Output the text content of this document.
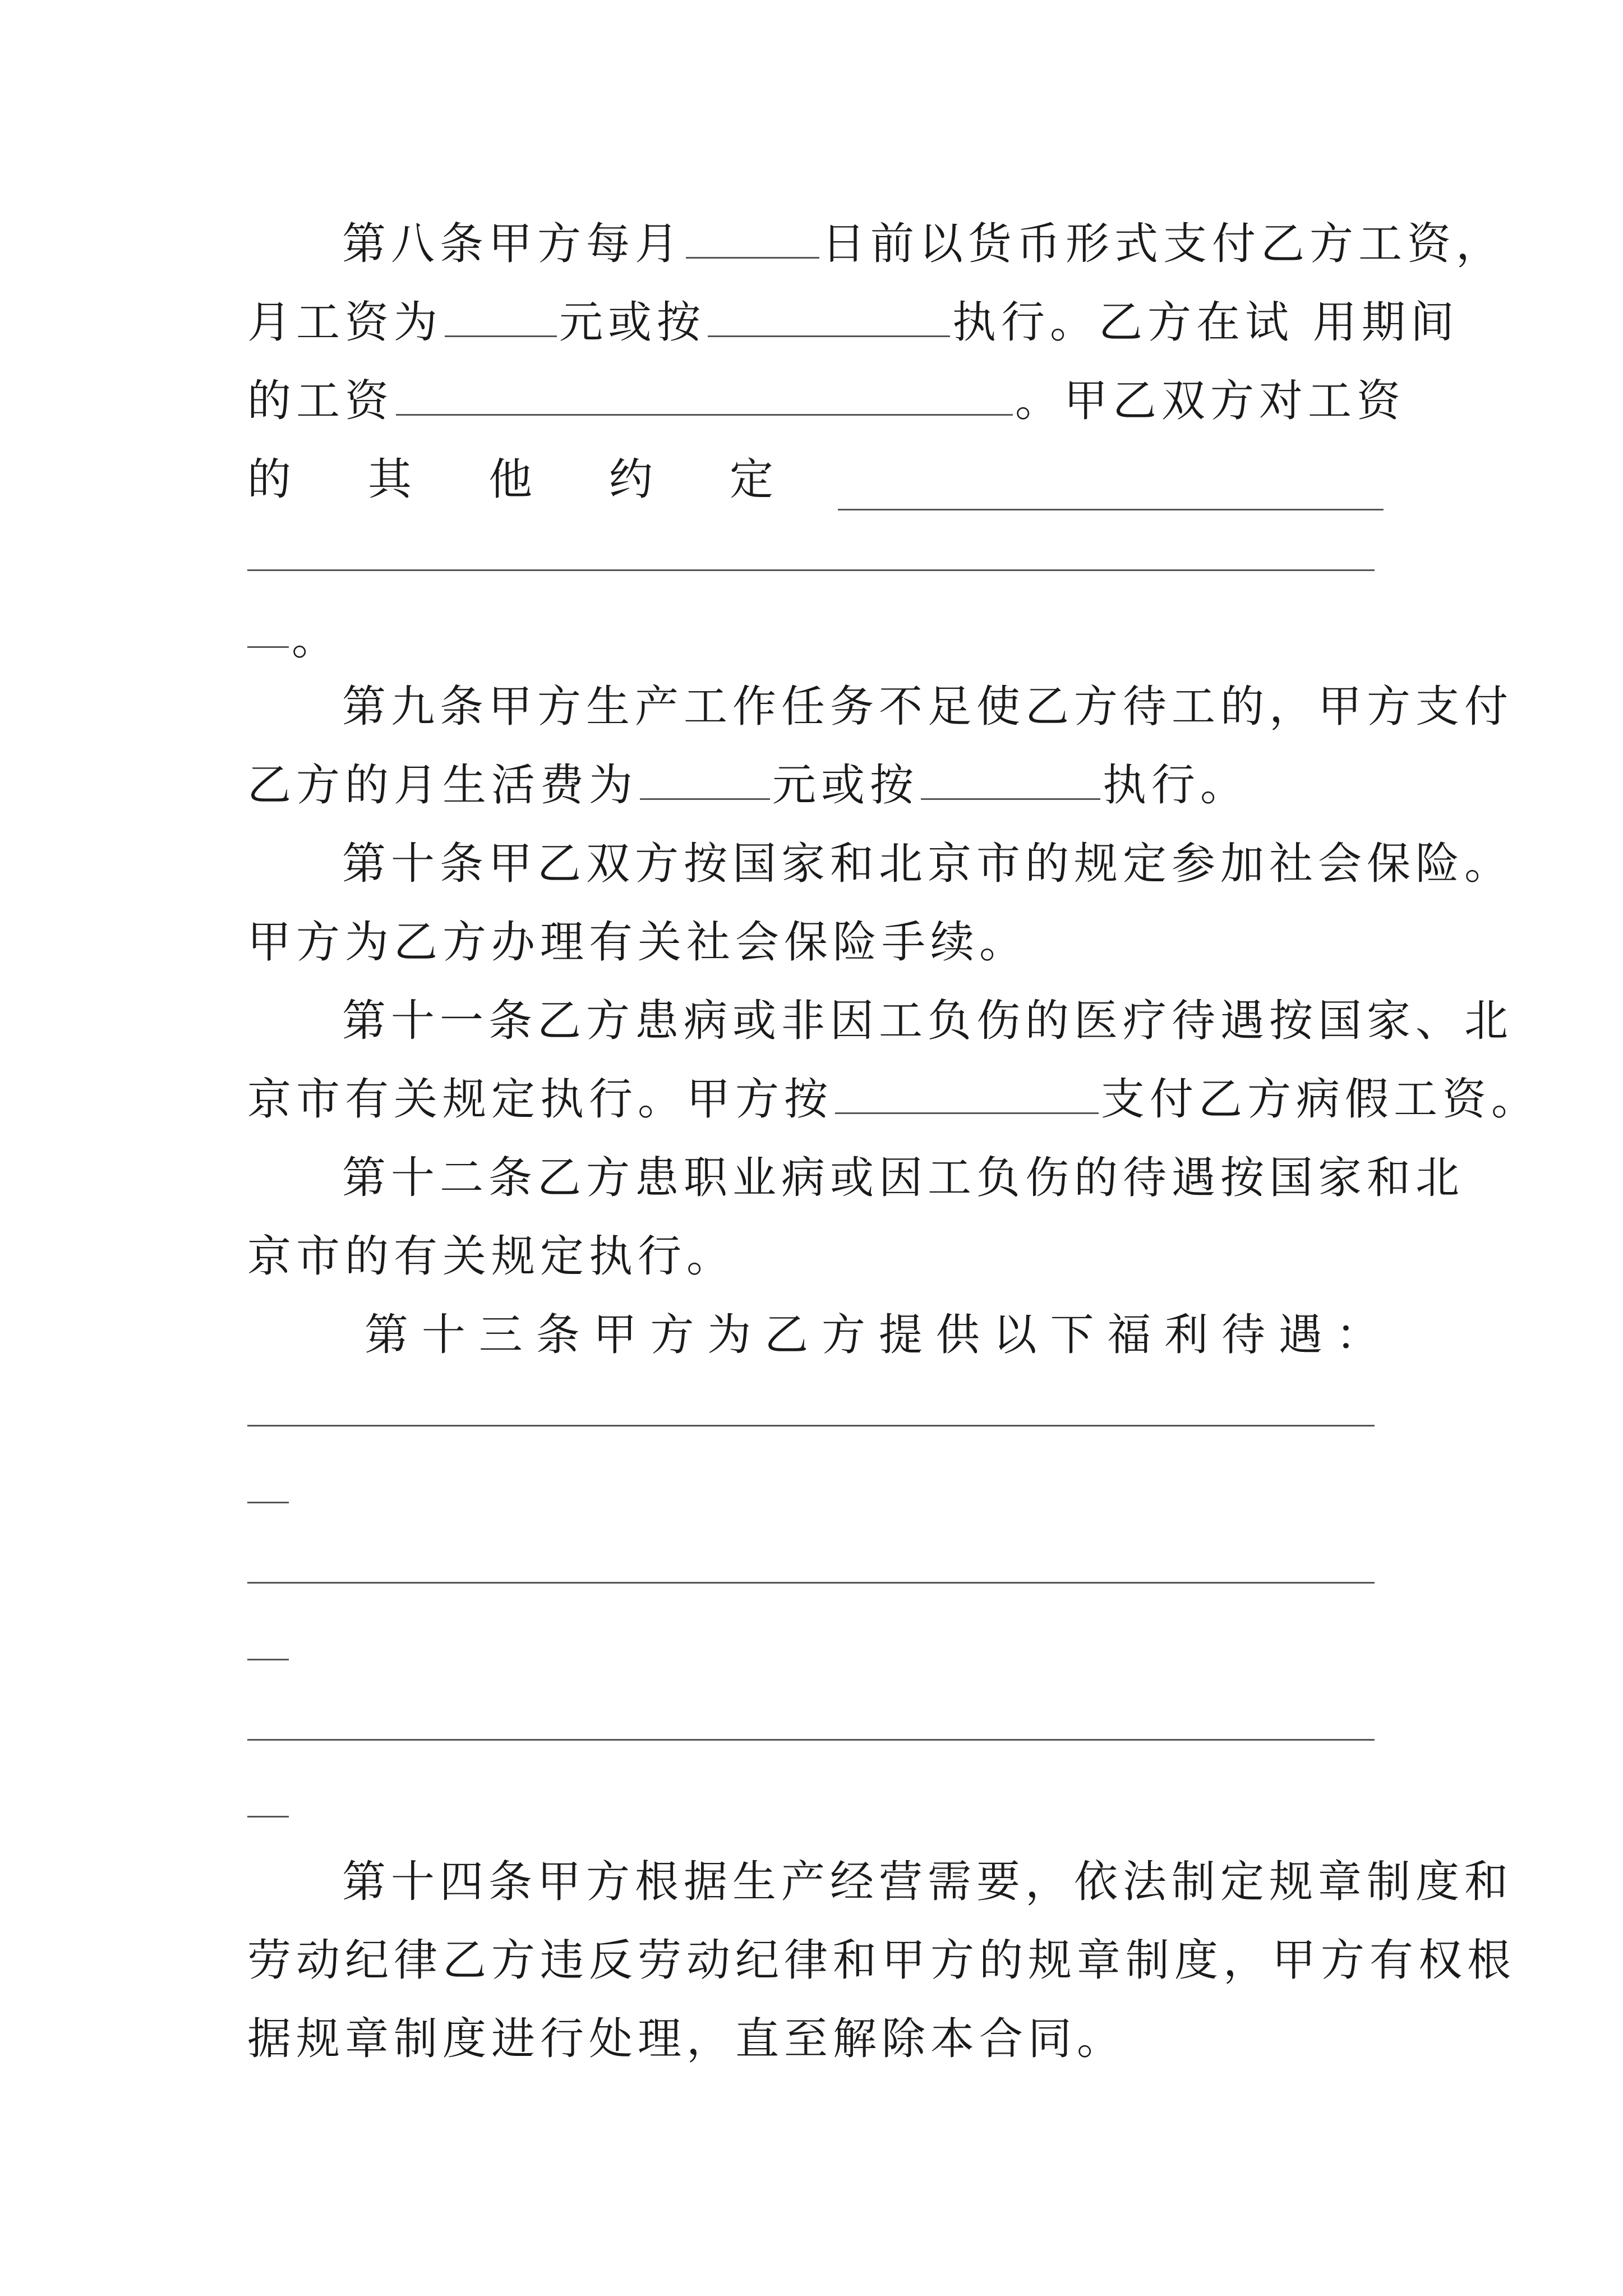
第八条甲方每月	日前以货币形式支付乙方工资，
月工资为	元或按	执行。乙方在试 用期间
的工资	。甲乙双方对工资
的 其 他 约 定
。
第九条甲方生产工作任务不足使乙方待工的，甲方支付
乙方的月生活费为	元或按	执行。
第十条甲乙双方按国家和北京市的规定参加社会保险。
甲方为乙方办理有关社会保险手续。
第十一条乙方患病或非因工负伤的医疗待遇按国家、北
京市有关规定执行。甲方按	支付乙方病假工资。
第十二条乙方患职业病或因工负伤的待遇按国家和北
京市的有关规定执行。
第 十 三 条 甲 方 为 乙 方 提 供 以 下 福 利 待 遇 ：
第十四条甲方根据生产经营需要，依法制定规章制度和
劳动纪律乙方违反劳动纪律和甲方的规章制度，甲方有权根
据规章制度进行处理，直至解除本合同。
